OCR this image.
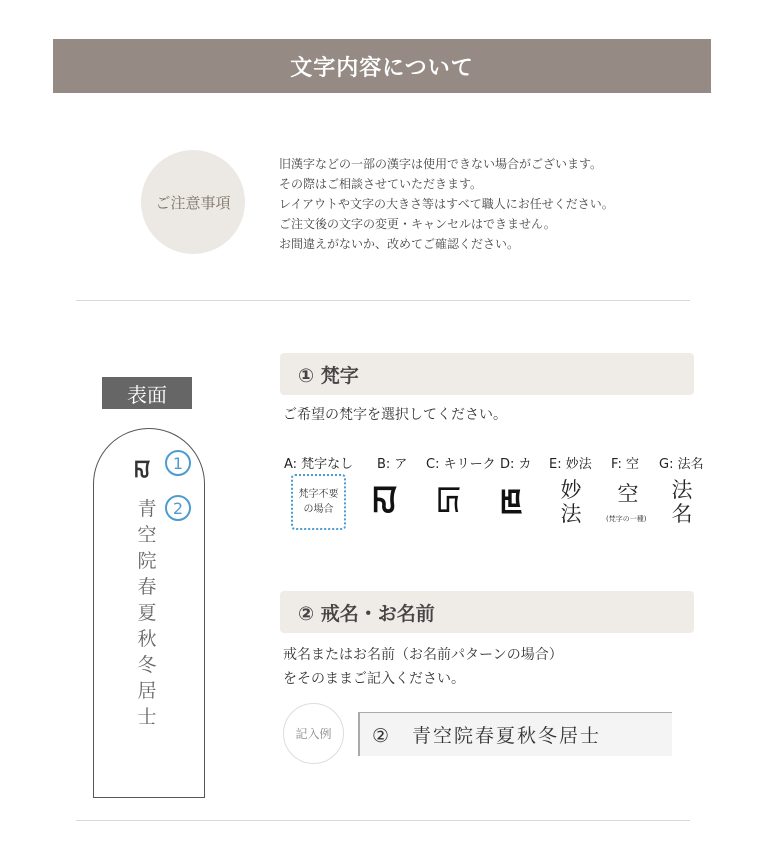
文字内容について
ご注意事項
旧漢字などの一部の漢字は使用できない場合がございます。
その際はご相談させていただきます。
レイアウトや文字の大きさ等はすべて職人にお任せください。
ご注文後の文字の変更・キャンセルはできません。
お間違えがないか、改めてご確認ください。
表面
ꡍ 1
2
青
空
院
春
夏
秋
冬
居
士
① 梵字
ご希望の梵字を選択してください。
A: 梵字なし B: ア C: キリーク D: カ E: 妙法 F: 空 G: 法名
梵字不要
の場合 ꡍ ꡚ ꡁ 妙
法
空
(梵字の一種)
法
名
② 戒名・お名前
戒名またはお名前（お名前パターンの場合）
をそのままご記入ください。
記入例 ②　青空院春夏秋冬居士
